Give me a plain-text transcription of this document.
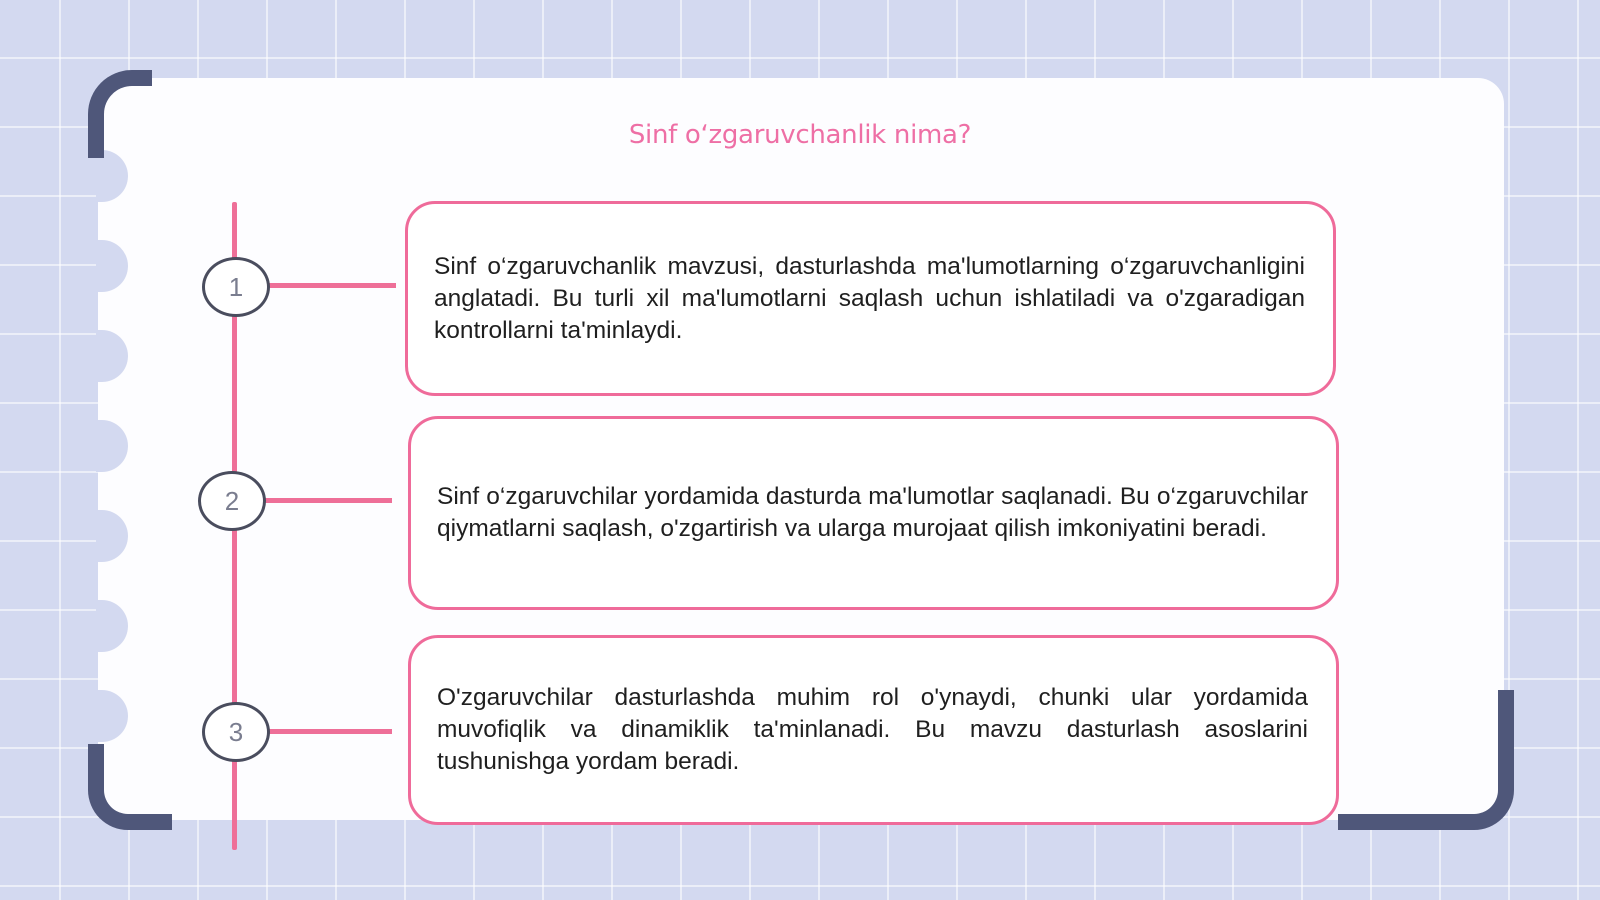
Sinf oʻzgaruvchanlik nima?
1

Sinf o‘zgaruvchanlik mavzusi, dasturlashda ma'lumotlarning o‘zgaruvchanligini anglatadi. Bu turli xil ma'lumotlarni saqlash uchun ishlatiladi va o'zgaradigan kontrollarni ta'minlaydi.

2	Sinf o‘zgaruvchilar yordamida dasturda ma'lumotlar saqlanadi. Bu o‘zgaruvchilar qiymatlarni saqlash, o'zgartirish va ularga murojaat qilish imkoniyatini beradi.

3

O'zgaruvchilar dasturlashda muhim rol o'ynaydi, chunki ular yordamida muvofiqlik va dinamiklik ta'minlanadi. Bu mavzu dasturlash asoslarini tushunishga yordam beradi.
